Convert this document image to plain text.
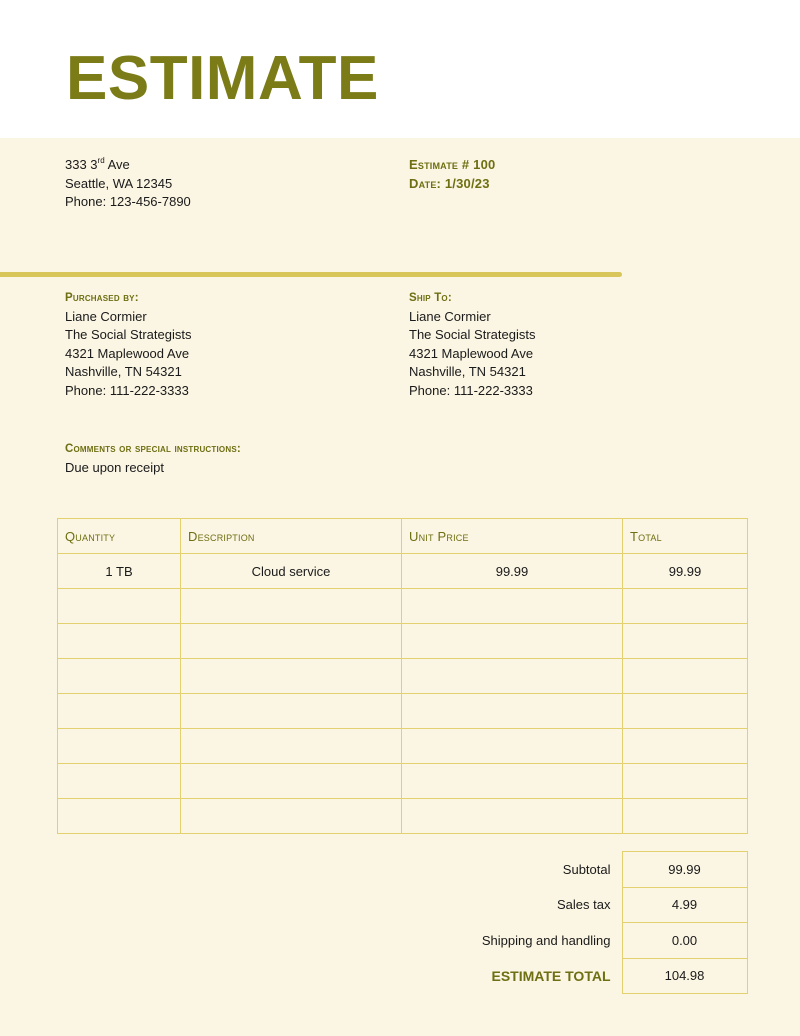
ESTIMATE
333 3rd Ave
Seattle, WA 12345
Phone: 123-456-7890
Estimate # 100
Date: 1/30/23
Purchased by:
Liane Cormier
The Social Strategists
4321 Maplewood Ave
Nashville, TN 54321
Phone: 111-222-3333
Ship To:
Liane Cormier
The Social Strategists
4321 Maplewood Ave
Nashville, TN 54321
Phone: 111-222-3333
Comments or special instructions:
Due upon receipt
Quantity	Description	Unit Price	Total
1 TB	Cloud service	99.99	99.99

Subtotal	99.99
Sales tax	4.99
Shipping and handling	0.00
ESTIMATE TOTAL	104.98
